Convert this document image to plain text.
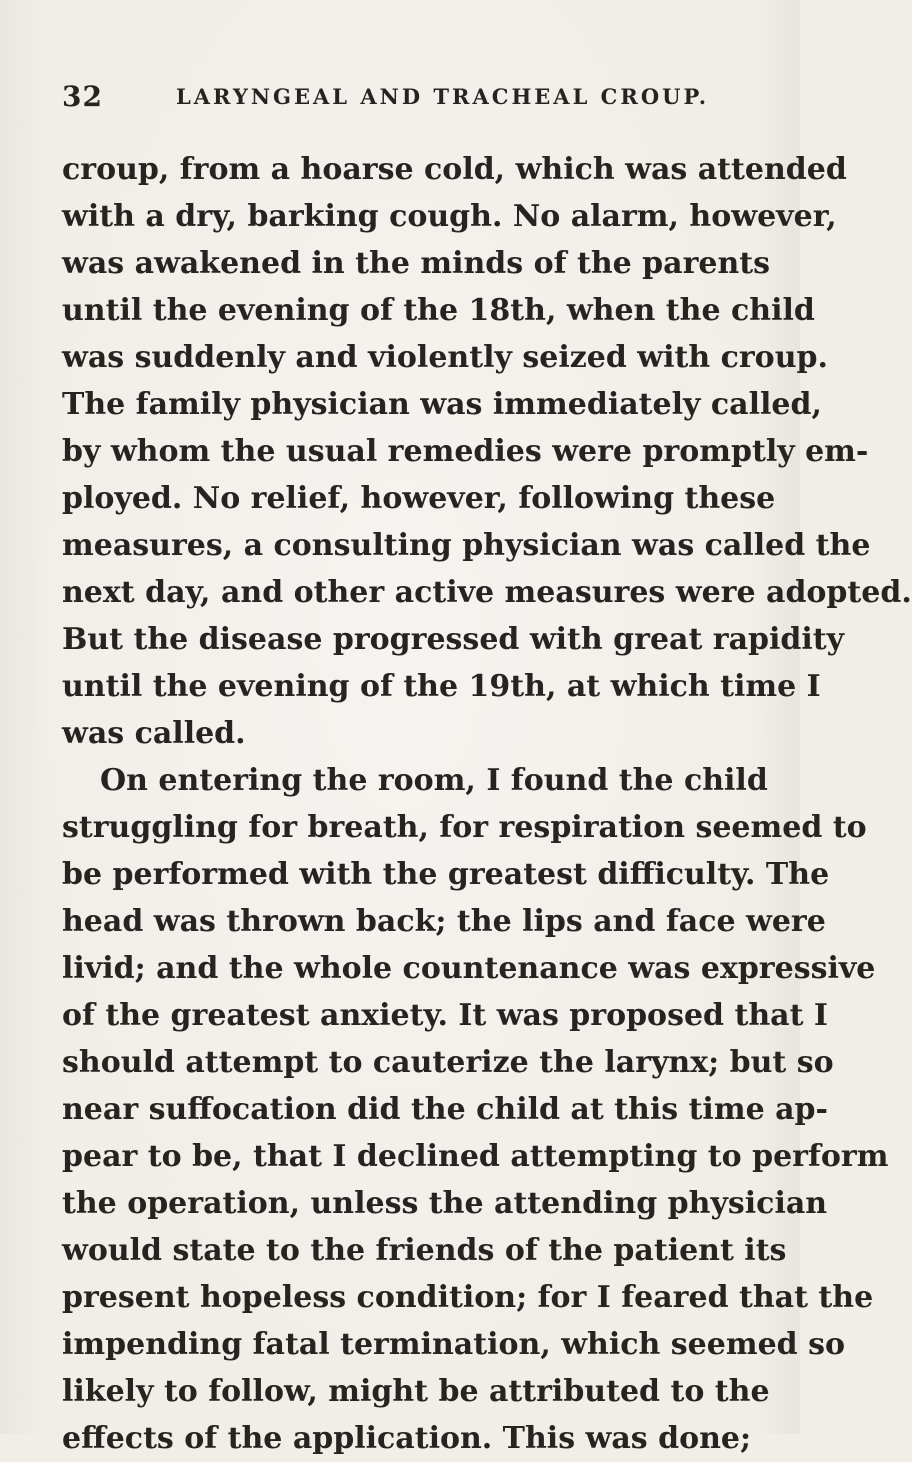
32	LARYNGEAL AND TRACHEAL CROUP.
croup, from a hoarse cold, which was attended
with a dry, barking cough. No alarm, however,
was awakened in the minds of the parents
until the evening of the 18th, when the child
was suddenly and violently seized with croup.
The family physician was immediately called,
by whom the usual remedies were promptly em-
ployed. No relief, however, following these
measures, a consulting physician was called the
next day, and other active measures were adopted.
But the disease progressed with great rapidity
until the evening of the 19th, at which time I
was called.
On entering the room, I found the child
struggling for breath, for respiration seemed to
be performed with the greatest difficulty. The
head was thrown back; the lips and face were
livid; and the whole countenance was expressive
of the greatest anxiety. It was proposed that I
should attempt to cauterize the larynx; but so
near suffocation did the child at this time ap-
pear to be, that I declined attempting to perform
the operation, unless the attending physician
would state to the friends of the patient its
present hopeless condition; for I feared that the
impending fatal termination, which seemed so
likely to follow, might be attributed to the
effects of the application. This was done;
